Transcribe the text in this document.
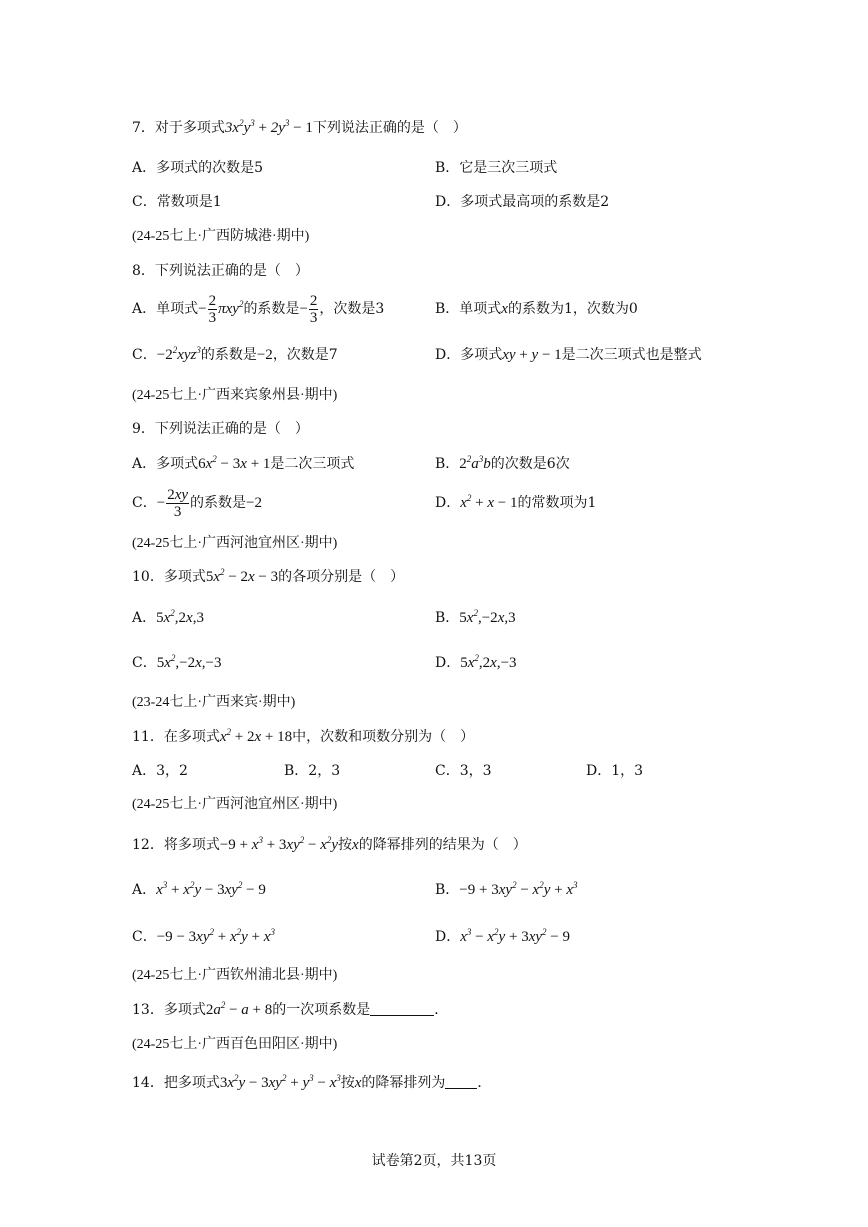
7．对于多项式$3x^2y^3 + 2y^3 - 1$下列说法正确的是（　）
A．多项式的次数是5	B．它是三次三项式
C．常数项是1	D．多项式最高项的系数是2
(24-25七上·广西防城港·期中)
8．下列说法正确的是（　）
A．单项式− $\frac{2}{3} \pi xy^2$的系数是− $\frac{2}{3}$ ，次数是3	B．单项式x的系数为1，次数为0
C．$-2^2xyz^3$的系数是−2，次数是7	D．多项式xy + y − 1是二次三项式也是整式
(24-25七上·广西来宾象州县·期中)
9．下列说法正确的是（　）
A．多项式$6x^2 - 3x + 1$是二次三项式	B．$2^2a^3b$的次数是6次
C．− $\frac{2xy}{3}$ 的系数是−2	D．$x^2 + x - 1$的常数项为1
(24-25七上·广西河池宜州区·期中)
10．多项式$5x^2 - 2x - 3$的各项分别是（　）
A．$5x^2,2x,3$	B．$5x^2,-2x,3$
C．$5x^2,-2x,-3$	D．$5x^2,2x,-3$
(23-24七上·广西来宾·期中)
11．在多项式$x^2 + 2x + 18$中，次数和项数分别为（　）
A．3，2	B．2，3	C．3，3	D．1，3
(24-25七上·广西河池宜州区·期中)
12．将多项式$-9 + x^3 + 3xy^2 - x^2y$按x的降幂排列的结果为（　）
A．$x^3 + x^2y - 3xy^2 - 9$	B．$-9 + 3xy^2 - x^2y + x^3$
C．$-9 - 3xy^2 + x^2y + x^3$	D．$x^3 - x^2y + 3xy^2 - 9$
(24-25七上·广西钦州浦北县·期中)
13．多项式$2a^2 - a + 8$的一次项系数是	．
(24-25七上·广西百色田阳区·期中)
14．把多项式$3x^2y - 3xy^2 + y^3 - x^3$按x的降幂排列为 ．
试卷第2页，共13页
